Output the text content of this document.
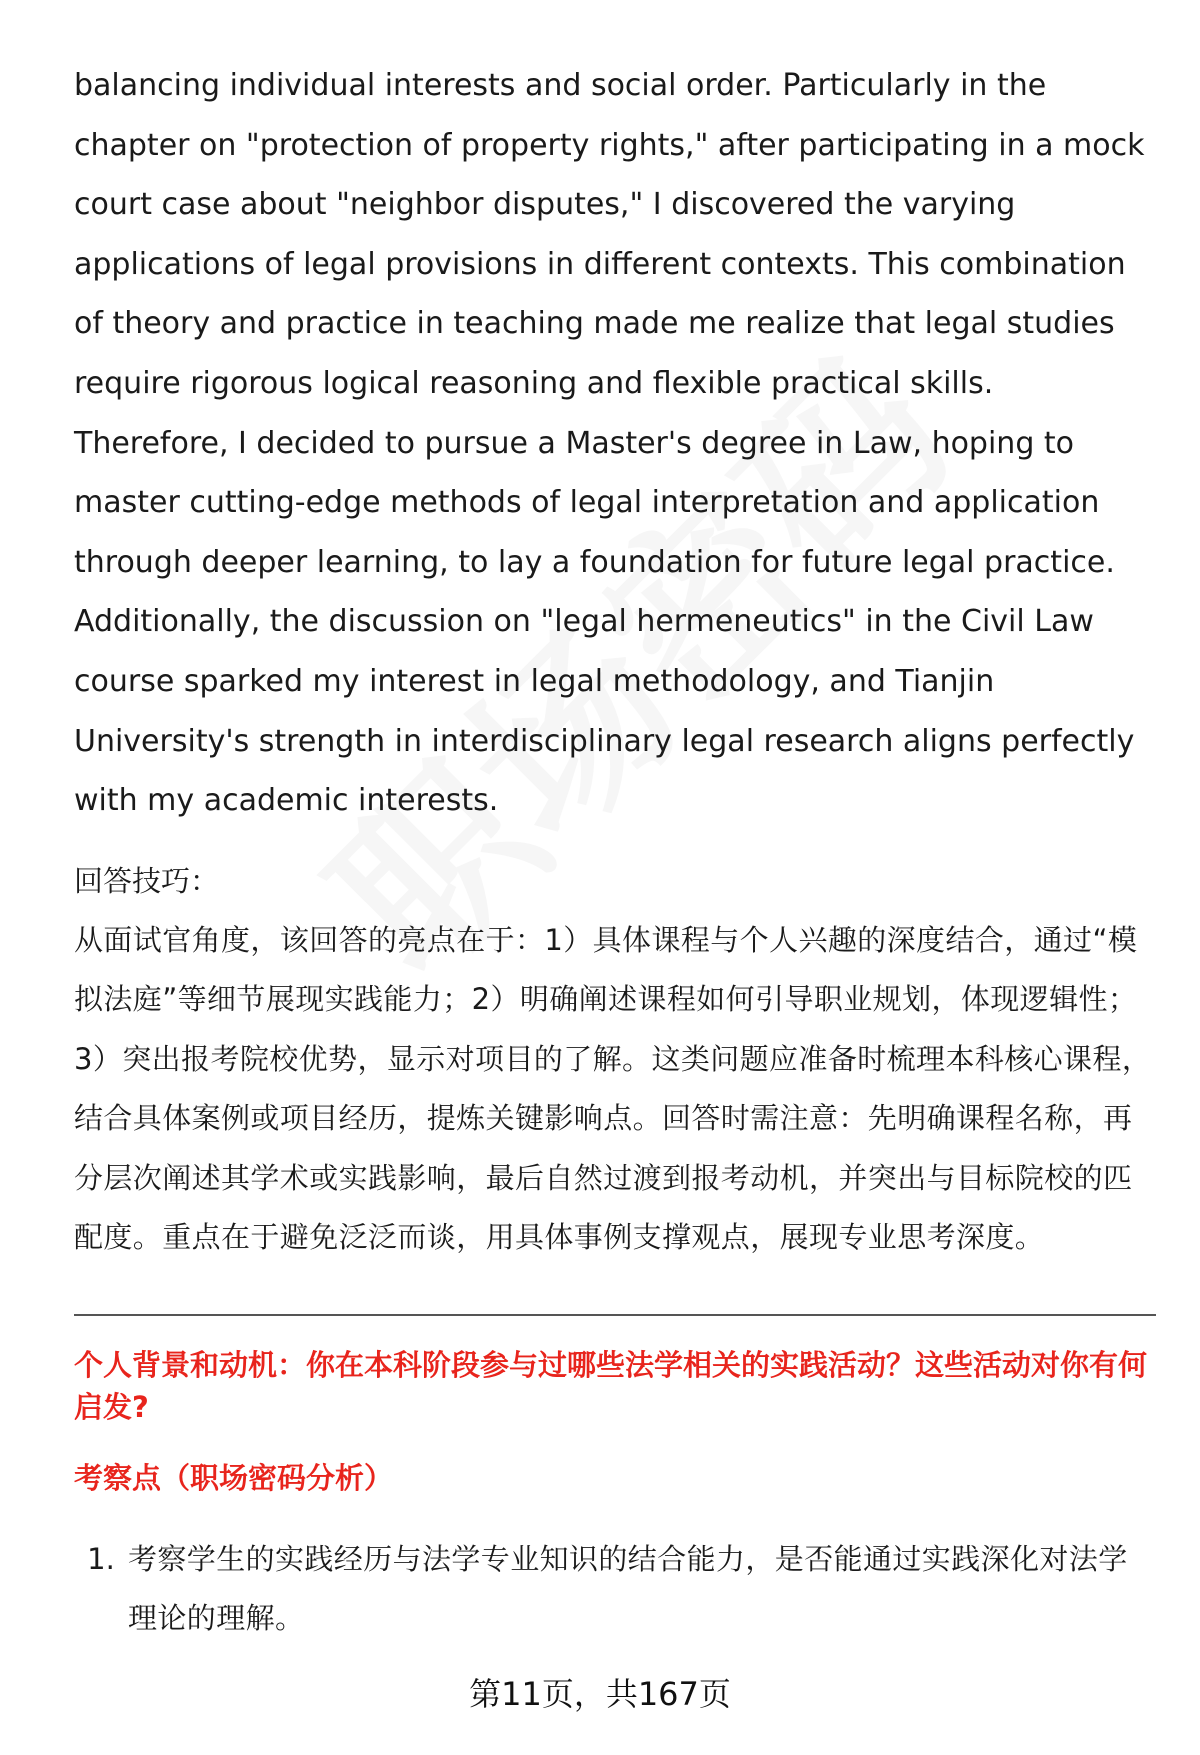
balancing individual interests and social order. Particularly in the chapter on "protection of property rights," after participating in a mock court case about "neighbor disputes," I discovered the varying applications of legal provisions in different contexts. This combination of theory and practice in teaching made me realize that legal studies require rigorous logical reasoning and flexible practical skills. Therefore, I decided to pursue a Master's degree in Law, hoping to master cutting-edge methods of legal interpretation and application through deeper learning, to lay a foundation for future legal practice. Additionally, the discussion on "legal hermeneutics" in the Civil Law course sparked my interest in legal methodology, and Tianjin University's strength in interdisciplinary legal research aligns perfectly with my academic interests.

回答技巧：

从面试官角度，该回答的亮点在于：1）具体课程与个人兴趣的深度结合，通过“模拟法庭”等细节展现实践能力；2）明确阐述课程如何引导职业规划，体现逻辑性；3）突出报考院校优势，显示对项目的了解。这类问题应准备时梳理本科核心课程，结合具体案例或项目经历，提炼关键影响点。回答时需注意：先明确课程名称，再分层次阐述其学术或实践影响，最后自然过渡到报考动机，并突出与目标院校的匹配度。重点在于避免泛泛而谈，用具体事例支撑观点，展现专业思考深度。

个人背景和动机：你在本科阶段参与过哪些法学相关的实践活动？这些活动对你有何启发?

考察点（职场密码分析）

1. 考察学生的实践经历与法学专业知识的结合能力，是否能通过实践深化对法学理论的理解。
第11页，共167页
